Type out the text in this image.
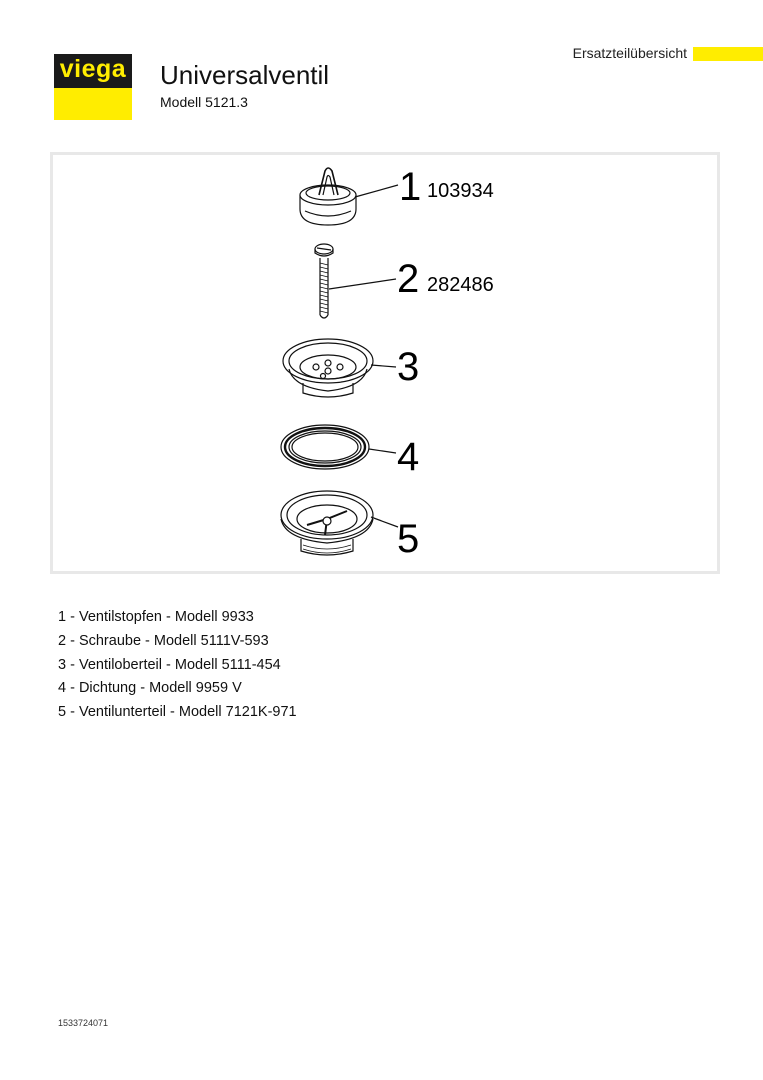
viega Universalventil
Modell 5121.3
Ersatzteilübersicht
1 103934
2 282486
3
4
5
1 - Ventilstopfen - Modell 9933
2 - Schraube - Modell 5111V-593
3 - Ventiloberteil - Modell 5111-454
4 - Dichtung - Modell 9959 V
5 - Ventilunterteil - Modell 7121K-971
1533724071
